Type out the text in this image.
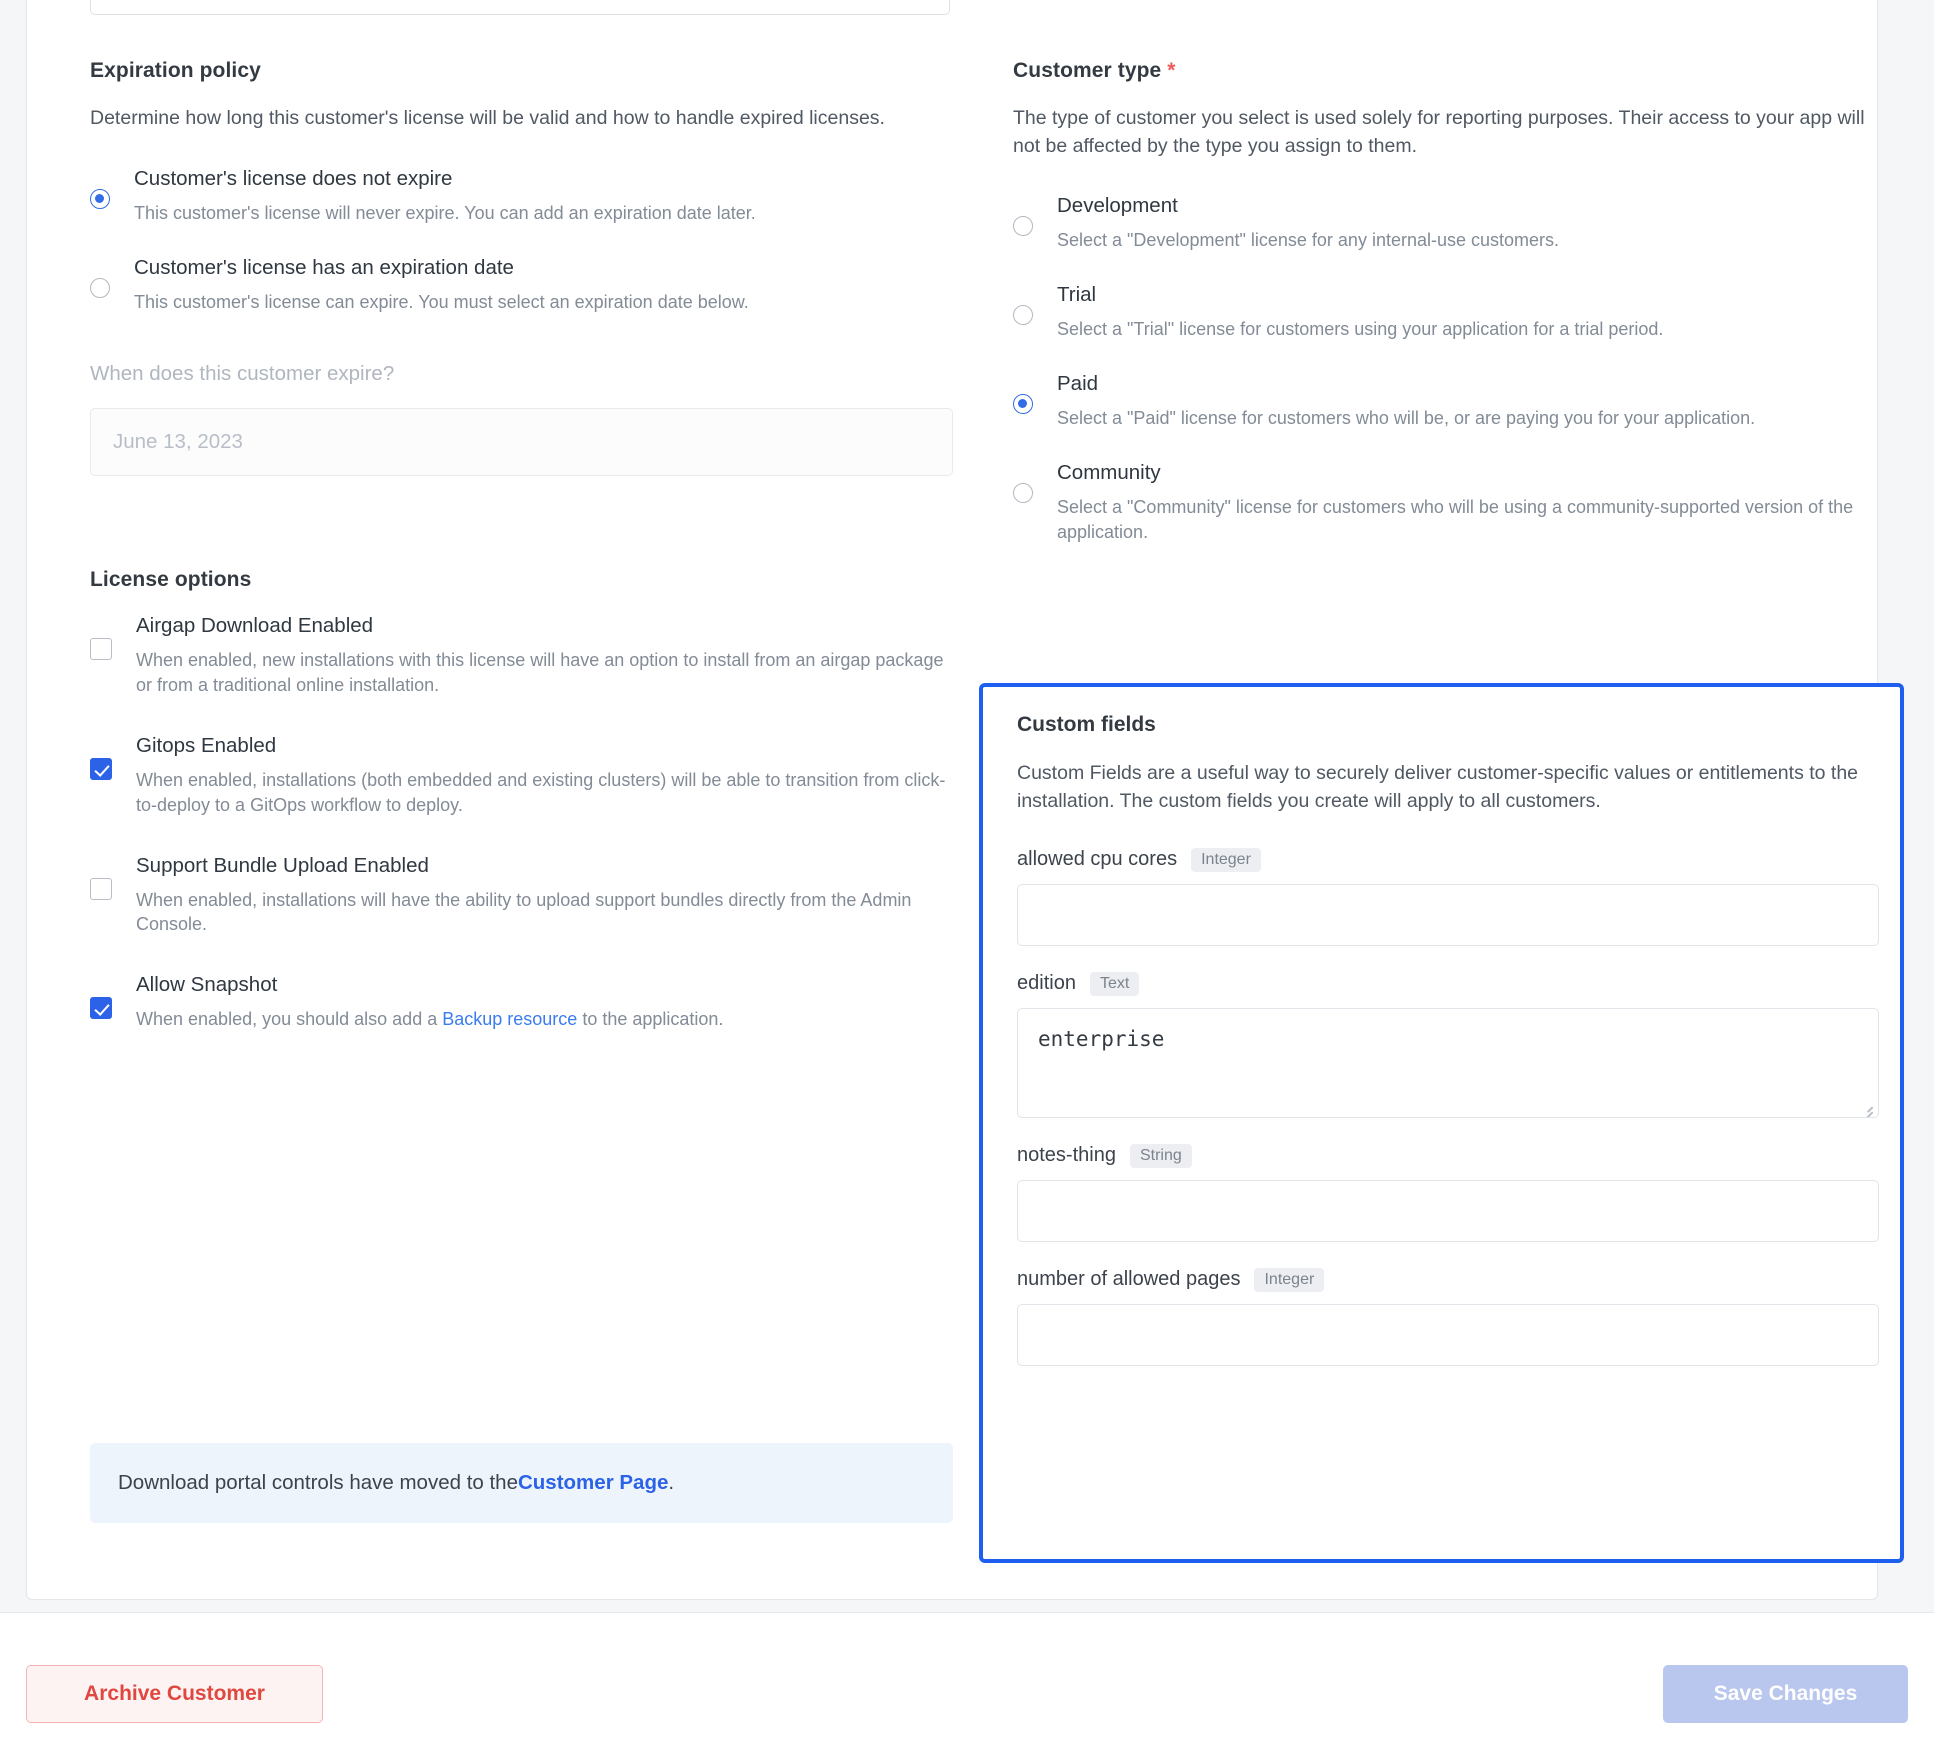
Expiration policy
Determine how long this customer's license will be valid and how to handle expired licenses.
Customer's license does not expire
This customer's license will never expire. You can add an expiration date later.
Customer's license has an expiration date
This customer's license can expire. You must select an expiration date below.
When does this customer expire?
June 13, 2023
License options
Airgap Download Enabled
When enabled, new installations with this license will have an option to install from an airgap package or from a traditional online installation.
Gitops Enabled
When enabled, installations (both embedded and existing clusters) will be able to transition from click-to-deploy to a GitOps workflow to deploy.
Support Bundle Upload Enabled
When enabled, installations will have the ability to upload support bundles directly from the Admin Console.
Allow Snapshot
When enabled, you should also add a Backup resource to the application.
Customer type *
The type of customer you select is used solely for reporting purposes. Their access to your app will not be affected by the type you assign to them.
Development
Select a "Development" license for any internal-use customers.
Trial
Select a "Trial" license for customers using your application for a trial period.
Paid
Select a "Paid" license for customers who will be, or are paying you for your application.
Community
Select a "Community" license for customers who will be using a community-supported version of the application.
Download portal controls have moved to the Customer Page .
Custom fields
Custom Fields are a useful way to securely deliver customer-specific values or entitlements to the installation. The custom fields you create will apply to all customers.
allowed cpu cores	Integer
edition	Text
enterprise
notes-thing	String
number of allowed pages	Integer
Archive Customer	Save Changes
